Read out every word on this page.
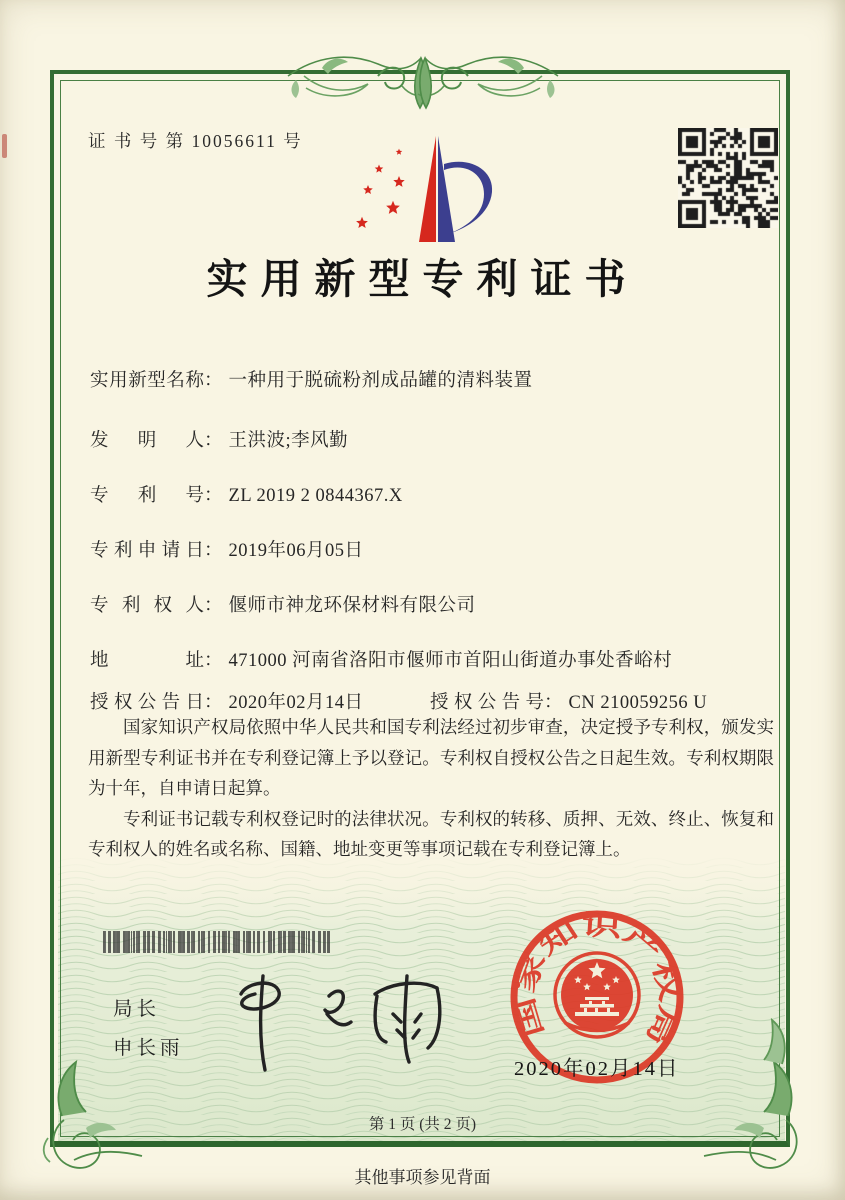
证 书 号 第 10056611 号
实用新型专利证书
实用新型名称： 一种用于脱硫粉剂成品罐的清料装置
发明人： 王洪波;李风勤
专利号： ZL 2019 2 0844367.X
专利申请日： 2019年06月05日
专利权人： 偃师市神龙环保材料有限公司
地址： 471000 河南省洛阳市偃师市首阳山街道办事处香峪村
授权公告日： 2020年02月14日	授权公告号： CN 210059256 U

国家知识产权局依照中华人民共和国专利法经过初步审查，决定授予专利权，颁发实用新型专利证书并在专利登记簿上予以登记。专利权自授权公告之日起生效。专利权期限为十年，自申请日起算。

专利证书记载专利权登记时的法律状况。专利权的转移、质押、无效、终止、恢复和专利权人的姓名或名称、国籍、地址变更等事项记载在专利登记簿上。

局长
申长雨
国家知识产权局
2020年02月14日
第 1 页 (共 2 页)
其他事项参见背面
